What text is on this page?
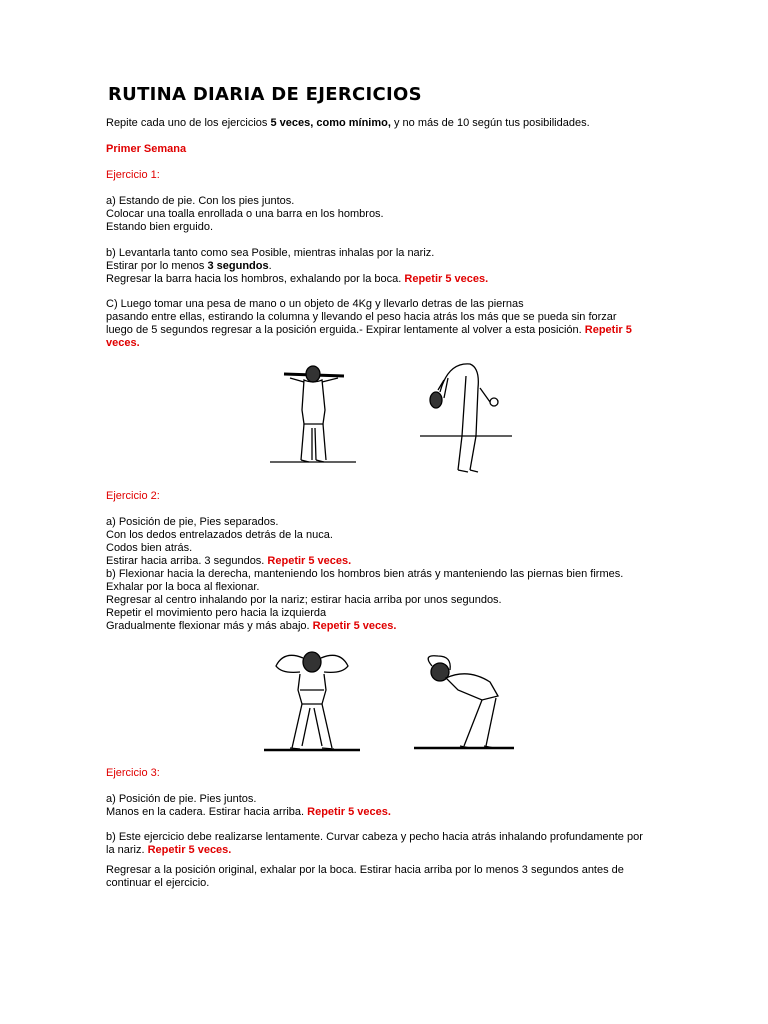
RUTINA DIARIA DE EJERCICIOS

Repite cada uno de los ejercicios 5 veces, como mínimo, y no más de 10 según tus posibilidades.

Primer Semana

Ejercicio 1:

a) Estando de pie. Con los pies juntos.

Colocar una toalla enrollada o una barra en los hombros.

Estando bien erguido.

b) Levantarla tanto como sea Posible, mientras inhalas por la nariz.

Estirar por lo menos 3 segundos.

Regresar la barra hacia los hombros, exhalando por la boca. Repetir 5 veces.

C) Luego tomar una pesa de mano o un objeto de 4Kg y llevarlo detras de las piernas

pasando entre ellas, estirando la columna y llevando el peso hacia atrás los más que se pueda sin forzar

luego de 5 segundos regresar a la posición erguida.- Expirar lentamente al volver a esta posición. Repetir 5

veces.

Ejercicio 2:

a) Posición de pie, Pies separados.

Con los dedos entrelazados detrás de la nuca.

Codos bien atrás.

Estirar hacia arriba. 3 segundos. Repetir 5 veces.

b) Flexionar hacia la derecha, manteniendo los hombros bien atrás y manteniendo las piernas bien firmes.

Exhalar por la boca al flexionar.

Regresar al centro inhalando por la nariz; estirar hacia arriba por unos segundos.

Repetir el movimiento pero hacia la izquierda

Gradualmente flexionar más y más abajo. Repetir 5 veces.

Ejercicio 3:

a) Posición de pie. Pies juntos.

Manos en la cadera. Estirar hacia arriba. Repetir 5 veces.

b) Este ejercicio debe realizarse lentamente. Curvar cabeza y pecho hacia atrás inhalando profundamente por

la nariz. Repetir 5 veces.

Regresar a la posición original, exhalar por la boca. Estirar hacia arriba por lo menos 3 segundos antes de

continuar el ejercicio.
